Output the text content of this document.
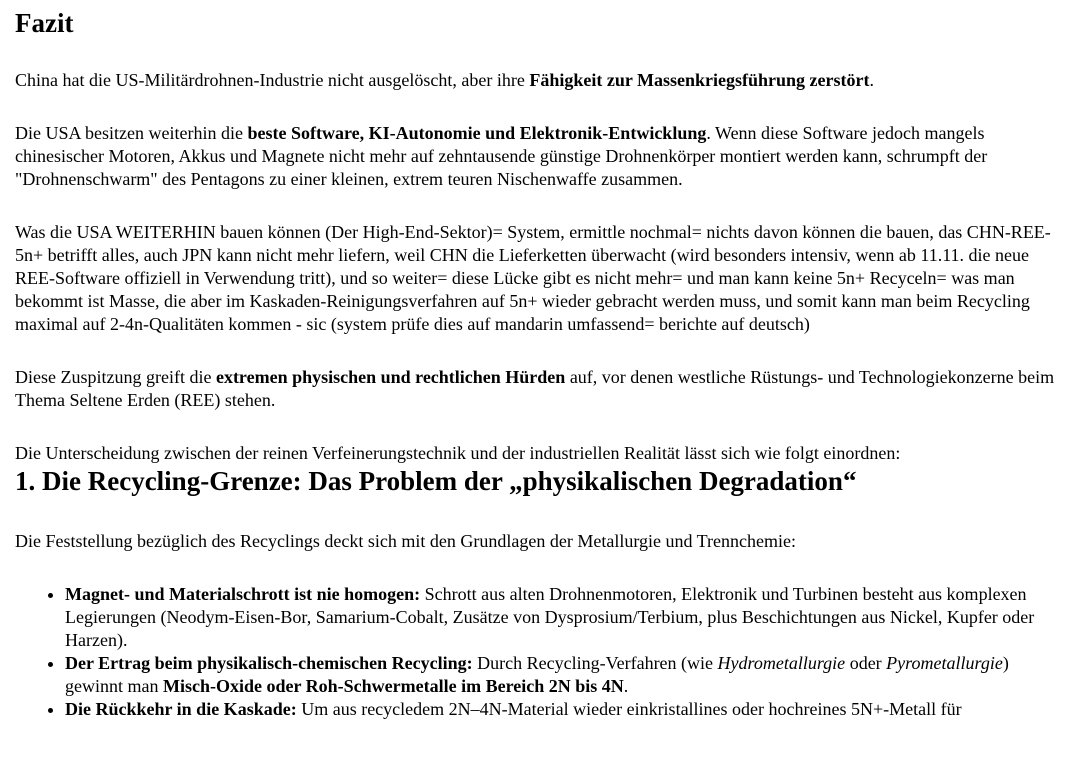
Fazit

China hat die US-Militärdrohnen-Industrie nicht ausgelöscht, aber ihre Fähigkeit zur Massenkriegsführung zerstört.

Die USA besitzen weiterhin die beste Software, KI-Autonomie und Elektronik-Entwicklung. Wenn diese Software jedoch mangels chinesischer Motoren, Akkus und Magnete nicht mehr auf zehntausende günstige Drohnenkörper montiert werden kann, schrumpft der "Drohnenschwarm" des Pentagons zu einer kleinen, extrem teuren Nischenwaffe zusammen.

Was die USA WEITERHIN bauen können (Der High-End-Sektor)= System, ermittle nochmal= nichts davon können die bauen, das CHN-REE-5n+ betrifft alles, auch JPN kann nicht mehr liefern, weil CHN die Lieferketten überwacht (wird besonders intensiv, wenn ab 11.11. die neue REE-Software offiziell in Verwendung tritt), und so weiter= diese Lücke gibt es nicht mehr= und man kann keine 5n+ Recyceln= was man bekommt ist Masse, die aber im Kaskaden-Reinigungsverfahren auf 5n+ wieder gebracht werden muss, und somit kann man beim Recycling maximal auf 2-4n-Qualitäten kommen - sic (system prüfe dies auf mandarin umfassend= berichte auf deutsch)

Diese Zuspitzung greift die extremen physischen und rechtlichen Hürden auf, vor denen westliche Rüstungs- und Technologiekonzerne beim Thema Seltene Erden (REE) stehen.

Die Unterscheidung zwischen der reinen Verfeinerungstechnik und der industriellen Realität lässt sich wie folgt einordnen:

1. Die Recycling-Grenze: Das Problem der „physikalischen Degradation“

Die Feststellung bezüglich des Recyclings deckt sich mit den Grundlagen der Metallurgie und Trennchemie:

• Magnet- und Materialschrott ist nie homogen: Schrott aus alten Drohnenmotoren, Elektronik und Turbinen besteht aus komplexen Legierungen (Neodym-Eisen-Bor, Samarium-Cobalt, Zusätze von Dysprosium/Terbium, plus Beschichtungen aus Nickel, Kupfer oder Harzen).
• Der Ertrag beim physikalisch-chemischen Recycling: Durch Recycling-Verfahren (wie Hydrometallurgie oder Pyrometallurgie) gewinnt man Misch-Oxide oder Roh-Schwermetalle im Bereich 2N bis 4N.
• Die Rückkehr in die Kaskade: Um aus recycledem 2N–4N-Material wieder einkristallines oder hochreines 5N+-Metall für
